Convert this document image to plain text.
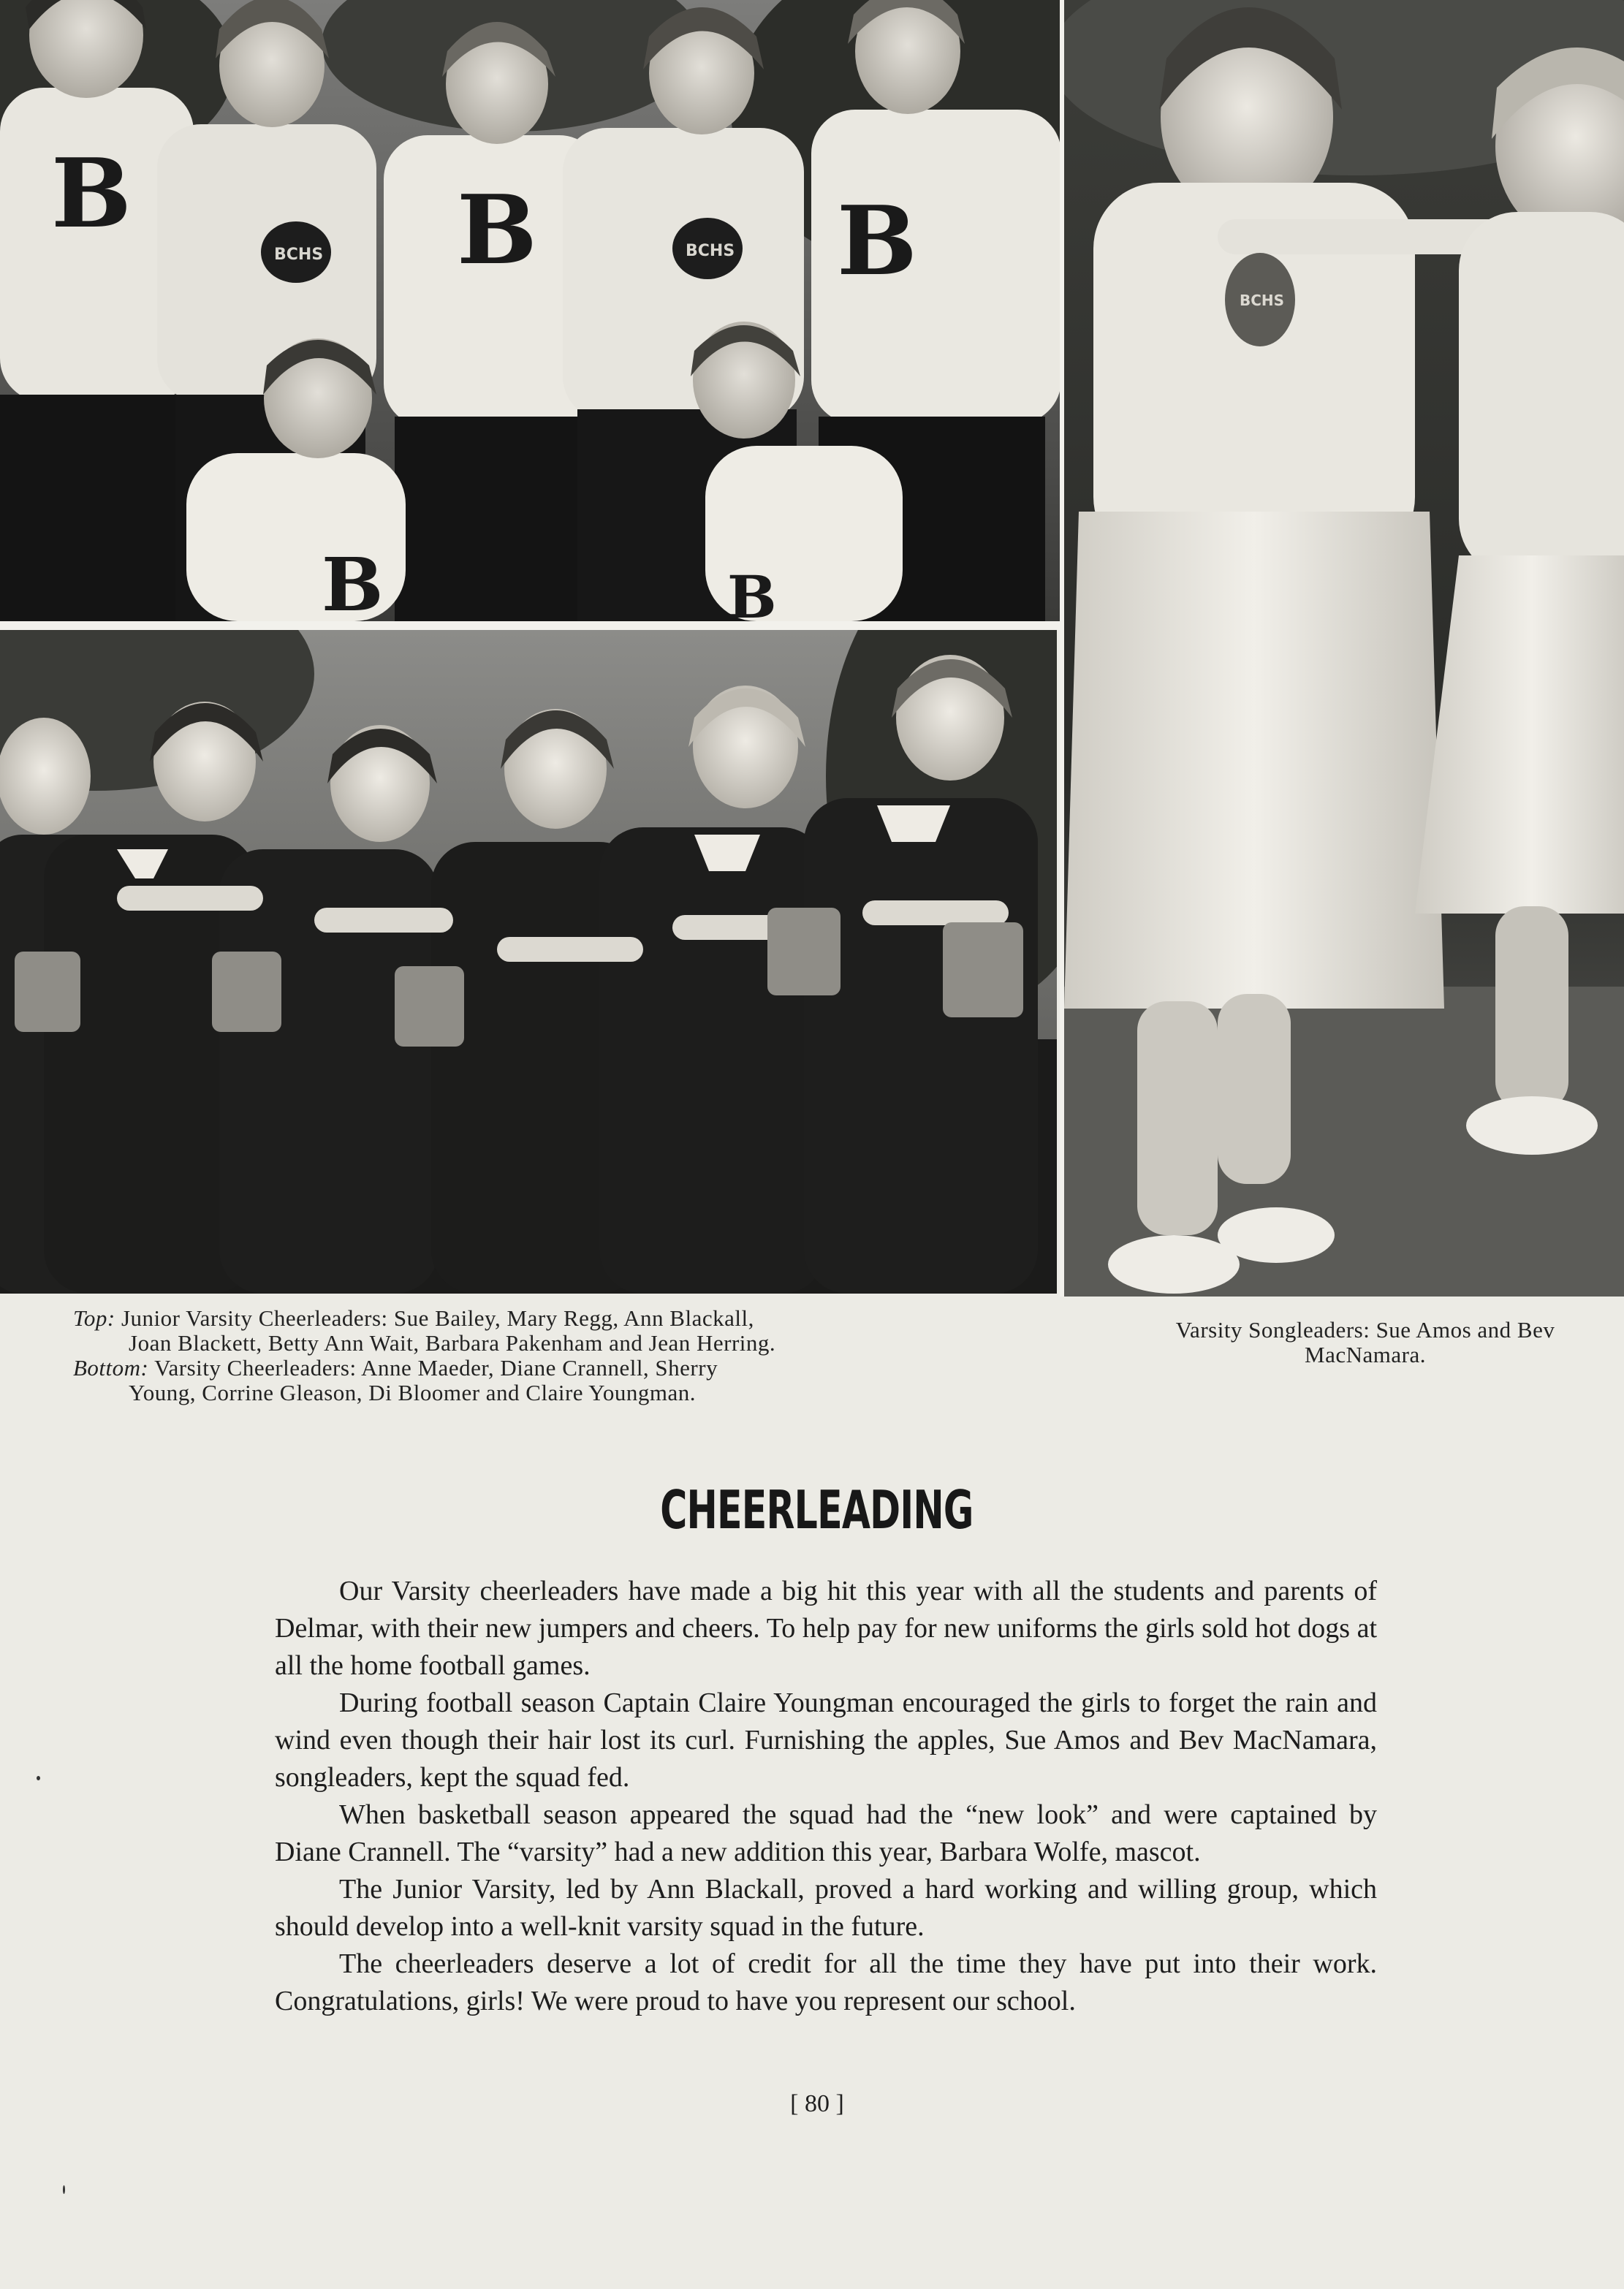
B	B	B
B	B
BCHS	BCHS
BCHS
Top: Junior Varsity Cheerleaders: Sue Bailey, Mary Regg, Ann Blackall,
Joan Blackett, Betty Ann Wait, Barbara Pakenham and Jean Herring.
Bottom: Varsity Cheerleaders: Anne Maeder, Diane Crannell, Sherry
Young, Corrine Gleason, Di Bloomer and Claire Youngman.
Varsity Songleaders: Sue Amos and Bev
MacNamara.
CHEERLEADING

Our Varsity cheerleaders have made a big hit this year with all the students and parents of Delmar, with their new jumpers and cheers. To help pay for new uniforms the girls sold hot dogs at all the home football games.

During football season Captain Claire Youngman encouraged the girls to forget the rain and wind even though their hair lost its curl. Furnishing the apples, Sue Amos and Bev MacNamara, songleaders, kept the squad fed.

When basketball season appeared the squad had the “new look” and were captained by Diane Crannell. The “varsity” had a new addition this year, Barbara Wolfe, mascot.

The Junior Varsity, led by Ann Blackall, proved a hard working and willing group, which should develop into a well-knit varsity squad in the future.

The cheerleaders deserve a lot of credit for all the time they have put into their work. Congratulations, girls! We were proud to have you represent our school.

[ 80 ]
